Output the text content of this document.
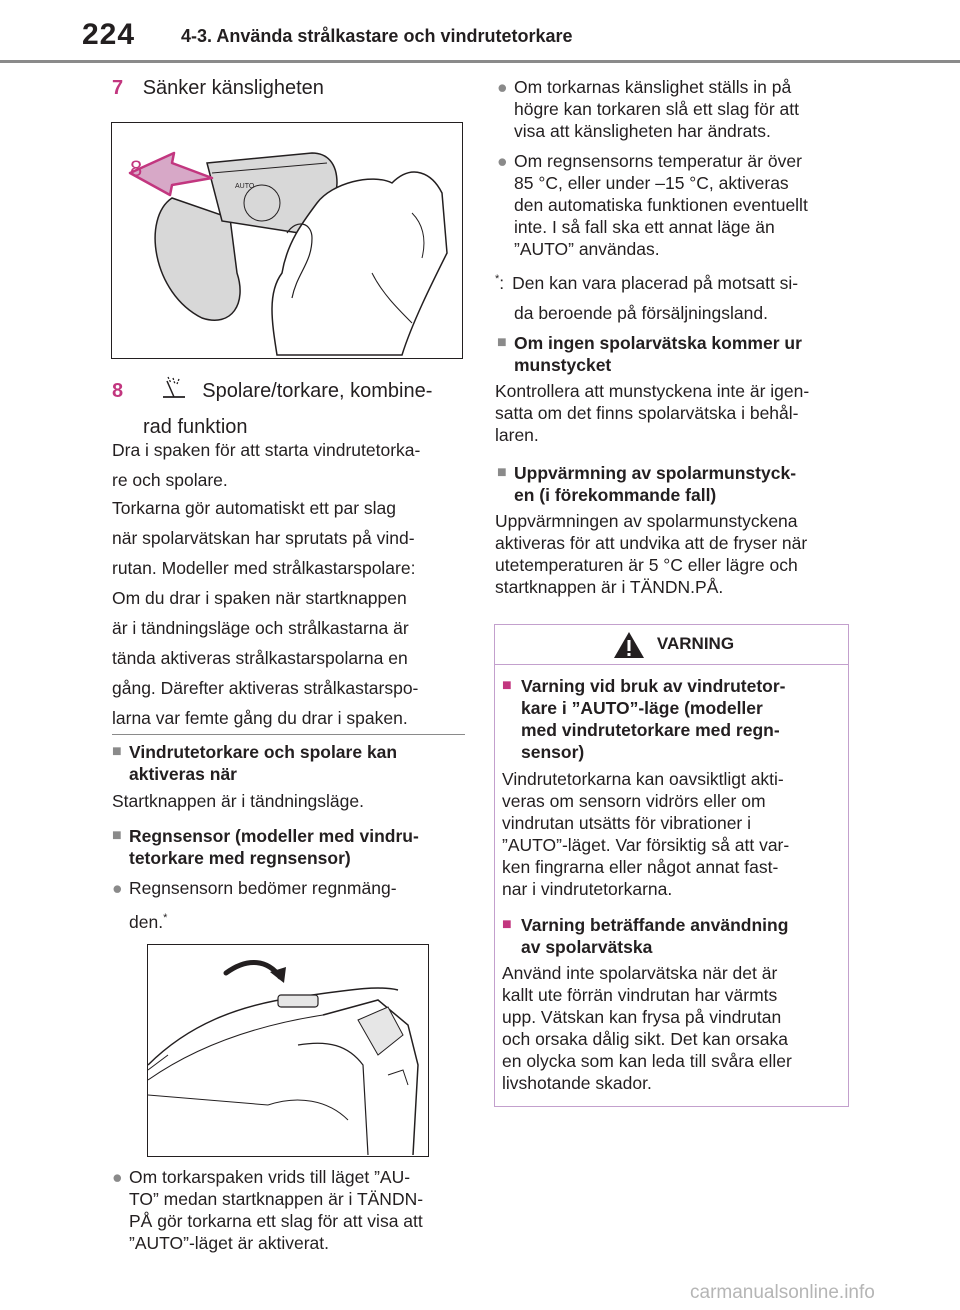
224	4-3. Använda strålkastare och vindrutetorkare
7 Sänker känsligheten
AUTO
8
8	Spolare/torkare, kombine-
rad funktion
Dra i spaken för att starta vindrutetorka-
re och spolare.
Torkarna gör automatiskt ett par slag
när spolarvätskan har sprutats på vind-
rutan. Modeller med strålkastarspolare:
Om du drar i spaken när startknappen
är i tändningsläge och strålkastarna är
tända aktiveras strålkastarspolarna en
gång. Därefter aktiveras strålkastarspo-
larna var femte gång du drar i spaken.
■ Vindrutetorkare och spolare kan
aktiveras när
Startknappen är i tändningsläge.
■ Regnsensor (modeller med vindru-
tetorkare med regnsensor)
● Regnsensorn bedömer regnmäng-
den.*
● Om torkarspaken vrids till läget ”AU-
TO” medan startknappen är i TÄNDN-
PÅ gör torkarna ett slag för att visa att
”AUTO”-läget är aktiverat.
● Om torkarnas känslighet ställs in på
högre kan torkaren slå ett slag för att
visa att känsligheten har ändrats.
● Om regnsensorns temperatur är över
85 °C, eller under –15 °C, aktiveras
den automatiska funktionen eventuellt
inte. I så fall ska ett annat läge än
”AUTO” användas.
*: Den kan vara placerad på motsatt si-
da beroende på försäljningsland.
■ Om ingen spolarvätska kommer ur
munstycket
Kontrollera att munstyckena inte är igen-
satta om det finns spolarvätska i behål-
laren.
■ Uppvärmning av spolarmunstyck-
en (i förekommande fall)
Uppvärmningen av spolarmunstyckena
aktiveras för att undvika att de fryser när
utetemperaturen är 5 °C eller lägre och
startknappen är i TÄNDN.PÅ.
VARNING
■ Varning vid bruk av vindrutetor-
kare i ”AUTO”-läge (modeller
med vindrutetorkare med regn-
sensor)
Vindrutetorkarna kan oavsiktligt akti-
veras om sensorn vidrörs eller om
vindrutan utsätts för vibrationer i
”AUTO”-läget. Var försiktig så att var-
ken fingrarna eller något annat fast-
nar i vindrutetorkarna.
■ Varning beträffande användning
av spolarvätska
Använd inte spolarvätska när det är
kallt ute förrän vindrutan har värmts
upp. Vätskan kan frysa på vindrutan
och orsaka dålig sikt. Det kan orsaka
en olycka som kan leda till svåra eller
livshotande skador.
carmanualsonline.info
